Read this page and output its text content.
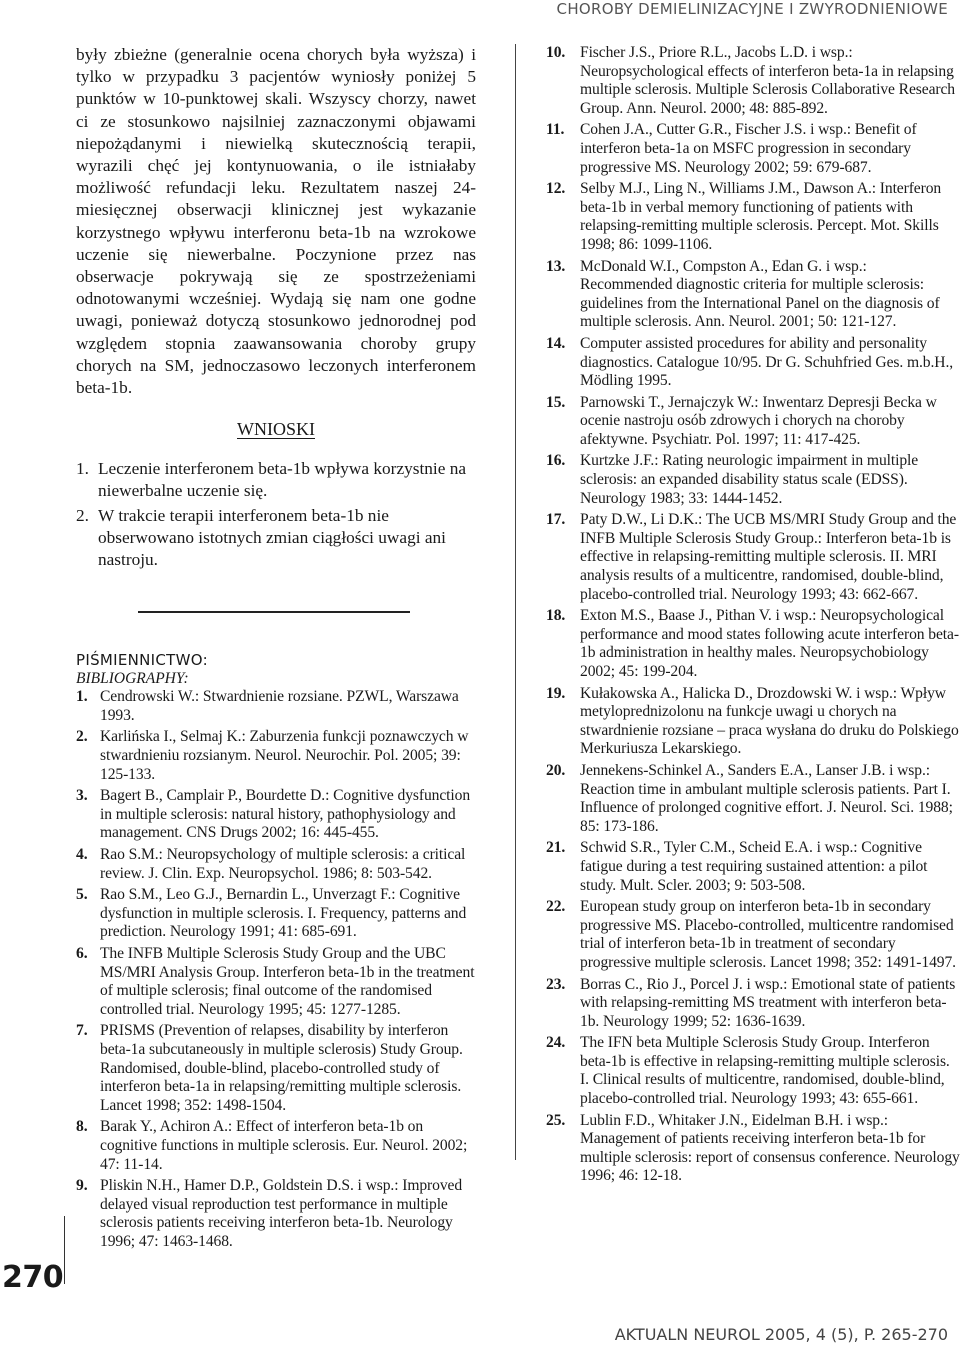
CHOROBY DEMIELINIZACYJNE I ZWYRODNIENIOWE

były zbieżne (generalnie ocena chorych była wyższa) i tylko w przypadku 3 pacjentów wyniosły poniżej 5 punktów w 10-punktowej skali. Wszyscy chorzy, nawet ci ze stosunkowo najsilniej zaznaczonymi objawami niepożądanymi i niewielką skutecznością terapii, wyrazili chęć jej kontynuowania, o ile istniałaby możliwość refundacji leku. Rezultatem naszej 24-miesięcznej obserwacji klinicznej jest wykazanie korzystnego wpływu interferonu beta-1b na wzrokowe uczenie się niewerbalne. Poczynione przez nas obserwacje pokrywają się ze spostrzeżeniami odnotowanymi wcześniej. Wydają się nam one godne uwagi, ponieważ dotyczą stosunkowo jednorodnej pod względem stopnia zaawansowania choroby grupy chorych na SM, jednoczasowo leczonych interferonem beta-1b.

WNIOSKI
1. Leczenie interferonem beta-1b wpływa korzystnie na niewerbalne uczenie się.
2. W trakcie terapii interferonem beta-1b nie obserwowano istotnych zmian ciągłości uwagi ani nastroju.
PIŚMIENNICTWO:
BIBLIOGRAPHY:
1. Cendrowski W.: Stwardnienie rozsiane. PZWL, Warszawa 1993.
2. Karlińska I., Selmaj K.: Zaburzenia funkcji poznawczych w stwardnieniu rozsianym. Neurol. Neurochir. Pol. 2005; 39: 125-133.
3. Bagert B., Camplair P., Bourdette D.: Cognitive dysfunction in multiple sclerosis: natural history, pathophysiology and management. CNS Drugs 2002; 16: 445-455.
4. Rao S.M.: Neuropsychology of multiple sclerosis: a critical review. J. Clin. Exp. Neuropsychol. 1986; 8: 503-542.
5. Rao S.M., Leo G.J., Bernardin L., Unverzagt F.: Cognitive dysfunction in multiple sclerosis. I. Frequency, patterns and prediction. Neurology 1991; 41: 685-691.
6. The INFB Multiple Sclerosis Study Group and the UBC MS/MRI Analysis Group. Interferon beta-1b in the treatment of multiple sclerosis; final outcome of the randomised controlled trial. Neurology 1995; 45: 1277-1285.
7. PRISMS (Prevention of relapses, disability by interferon beta-1a subcutaneously in multiple sclerosis) Study Group. Randomised, double-blind, placebo-controlled study of interferon beta-1a in relapsing/remitting multiple sclerosis. Lancet 1998; 352: 1498-1504.
8. Barak Y., Achiron A.: Effect of interferon beta-1b on cognitive functions in multiple sclerosis. Eur. Neurol. 2002; 47: 11-14.
9. Pliskin N.H., Hamer D.P., Goldstein D.S. i wsp.: Improved delayed visual reproduction test performance in multiple sclerosis patients receiving interferon beta-1b. Neurology 1996; 47: 1463-1468.
10. Fischer J.S., Priore R.L., Jacobs L.D. i wsp.: Neuropsychological effects of interferon beta-1a in relapsing multiple sclerosis. Multiple Sclerosis Collaborative Research Group. Ann. Neurol. 2000; 48: 885-892.
11. Cohen J.A., Cutter G.R., Fischer J.S. i wsp.: Benefit of interferon beta-1a on MSFC progression in secondary progressive MS. Neurology 2002; 59: 679-687.
12. Selby M.J., Ling N., Williams J.M., Dawson A.: Interferon beta-1b in verbal memory functioning of patients with relapsing-remitting multiple sclerosis. Percept. Mot. Skills 1998; 86: 1099-1106.
13. McDonald W.I., Compston A., Edan G. i wsp.: Recommended diagnostic criteria for multiple sclerosis: guidelines from the International Panel on the diagnosis of multiple sclerosis. Ann. Neurol. 2001; 50: 121-127.
14. Computer assisted procedures for ability and personality diagnostics. Catalogue 10/95. Dr G. Schuhfried Ges. m.b.H., Mödling 1995.
15. Parnowski T., Jernajczyk W.: Inwentarz Depresji Becka w ocenie nastroju osób zdrowych i chorych na choroby afektywne. Psychiatr. Pol. 1997; 11: 417-425.
16. Kurtzke J.F.: Rating neurologic impairment in multiple sclerosis: an expanded disability status scale (EDSS). Neurology 1983; 33: 1444-1452.
17. Paty D.W., Li D.K.: The UCB MS/MRI Study Group and the INFB Multiple Sclerosis Study Group.: Interferon beta-1b is effective in relapsing-remitting multiple sclerosis. II. MRI analysis results of a multicentre, randomised, double-blind, placebo-controlled trial. Neurology 1993; 43: 662-667.
18. Exton M.S., Baase J., Pithan V. i wsp.: Neuropsychological performance and mood states following acute interferon beta-1b administration in healthy males. Neuropsychobiology 2002; 45: 199-204.
19. Kułakowska A., Halicka D., Drozdowski W. i wsp.: Wpływ metyloprednizolonu na funkcje uwagi u chorych na stwardnienie rozsiane – praca wysłana do druku do Polskiego Merkuriusza Lekarskiego.
20. Jennekens-Schinkel A., Sanders E.A., Lanser J.B. i wsp.: Reaction time in ambulant multiple sclerosis patients. Part I. Influence of prolonged cognitive effort. J. Neurol. Sci. 1988; 85: 173-186.
21. Schwid S.R., Tyler C.M., Scheid E.A. i wsp.: Cognitive fatigue during a test requiring sustained attention: a pilot study. Mult. Scler. 2003; 9: 503-508.
22. European study group on interferon beta-1b in secondary progressive MS. Placebo-controlled, multicentre randomised trial of interferon beta-1b in treatment of secondary progressive multiple sclerosis. Lancet 1998; 352: 1491-1497.
23. Borras C., Rio J., Porcel J. i wsp.: Emotional state of patients with relapsing-remitting MS treatment with interferon beta-1b. Neurology 1999; 52: 1636-1639.
24. The IFN beta Multiple Sclerosis Study Group. Interferon beta-1b is effective in relapsing-remitting multiple sclerosis. I. Clinical results of multicentre, randomised, double-blind, placebo-controlled trial. Neurology 1993; 43: 655-661.
25. Lublin F.D., Whitaker J.N., Eidelman B.H. i wsp.: Management of patients receiving interferon beta-1b for multiple sclerosis: report of consensus conference. Neurology 1996; 46: 12-18.
270
AKTUALN NEUROL 2005, 4 (5), P. 265-270
